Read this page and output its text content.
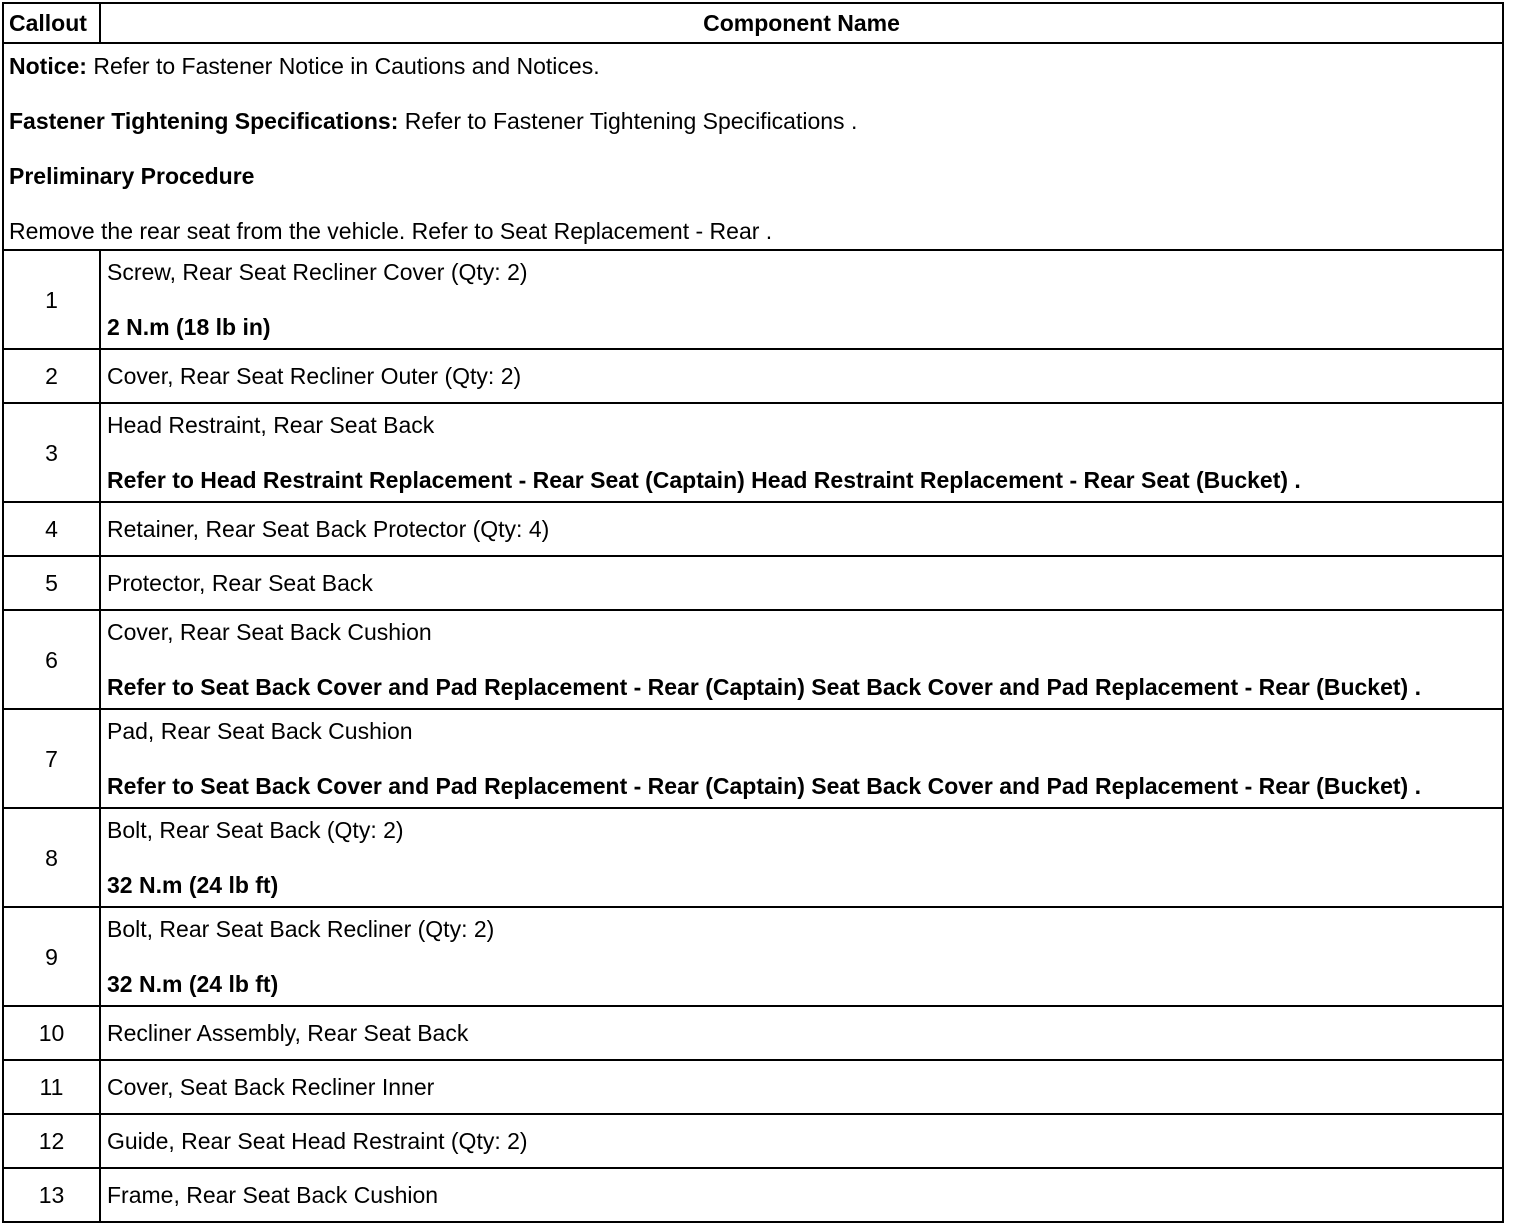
Callout	Component Name

Notice: Refer to Fastener Notice in Cautions and Notices.

Fastener Tightening Specifications: Refer to Fastener Tightening Specifications .

Preliminary Procedure

Remove the rear seat from the vehicle. Refer to Seat Replacement - Rear .	

1	Screw, Rear Seat Recliner Cover (Qty: 2)
2 N.m (18 lb in)

2	Cover, Rear Seat Recliner Outer (Qty: 2)

3	Head Restraint, Rear Seat Back
Refer to Head Restraint Replacement - Rear Seat (Captain) Head Restraint Replacement - Rear Seat (Bucket) .

4	Retainer, Rear Seat Back Protector (Qty: 4)

5	Protector, Rear Seat Back

6	Cover, Rear Seat Back Cushion
Refer to Seat Back Cover and Pad Replacement - Rear (Captain) Seat Back Cover and Pad Replacement - Rear (Bucket) .

7	Pad, Rear Seat Back Cushion
Refer to Seat Back Cover and Pad Replacement - Rear (Captain) Seat Back Cover and Pad Replacement - Rear (Bucket) .

8	Bolt, Rear Seat Back (Qty: 2)
32 N.m (24 lb ft)

9	Bolt, Rear Seat Back Recliner (Qty: 2)
32 N.m (24 lb ft)

10	Recliner Assembly, Rear Seat Back

11	Cover, Seat Back Recliner Inner

12	Guide, Rear Seat Head Restraint (Qty: 2)

13	Frame, Rear Seat Back Cushion
